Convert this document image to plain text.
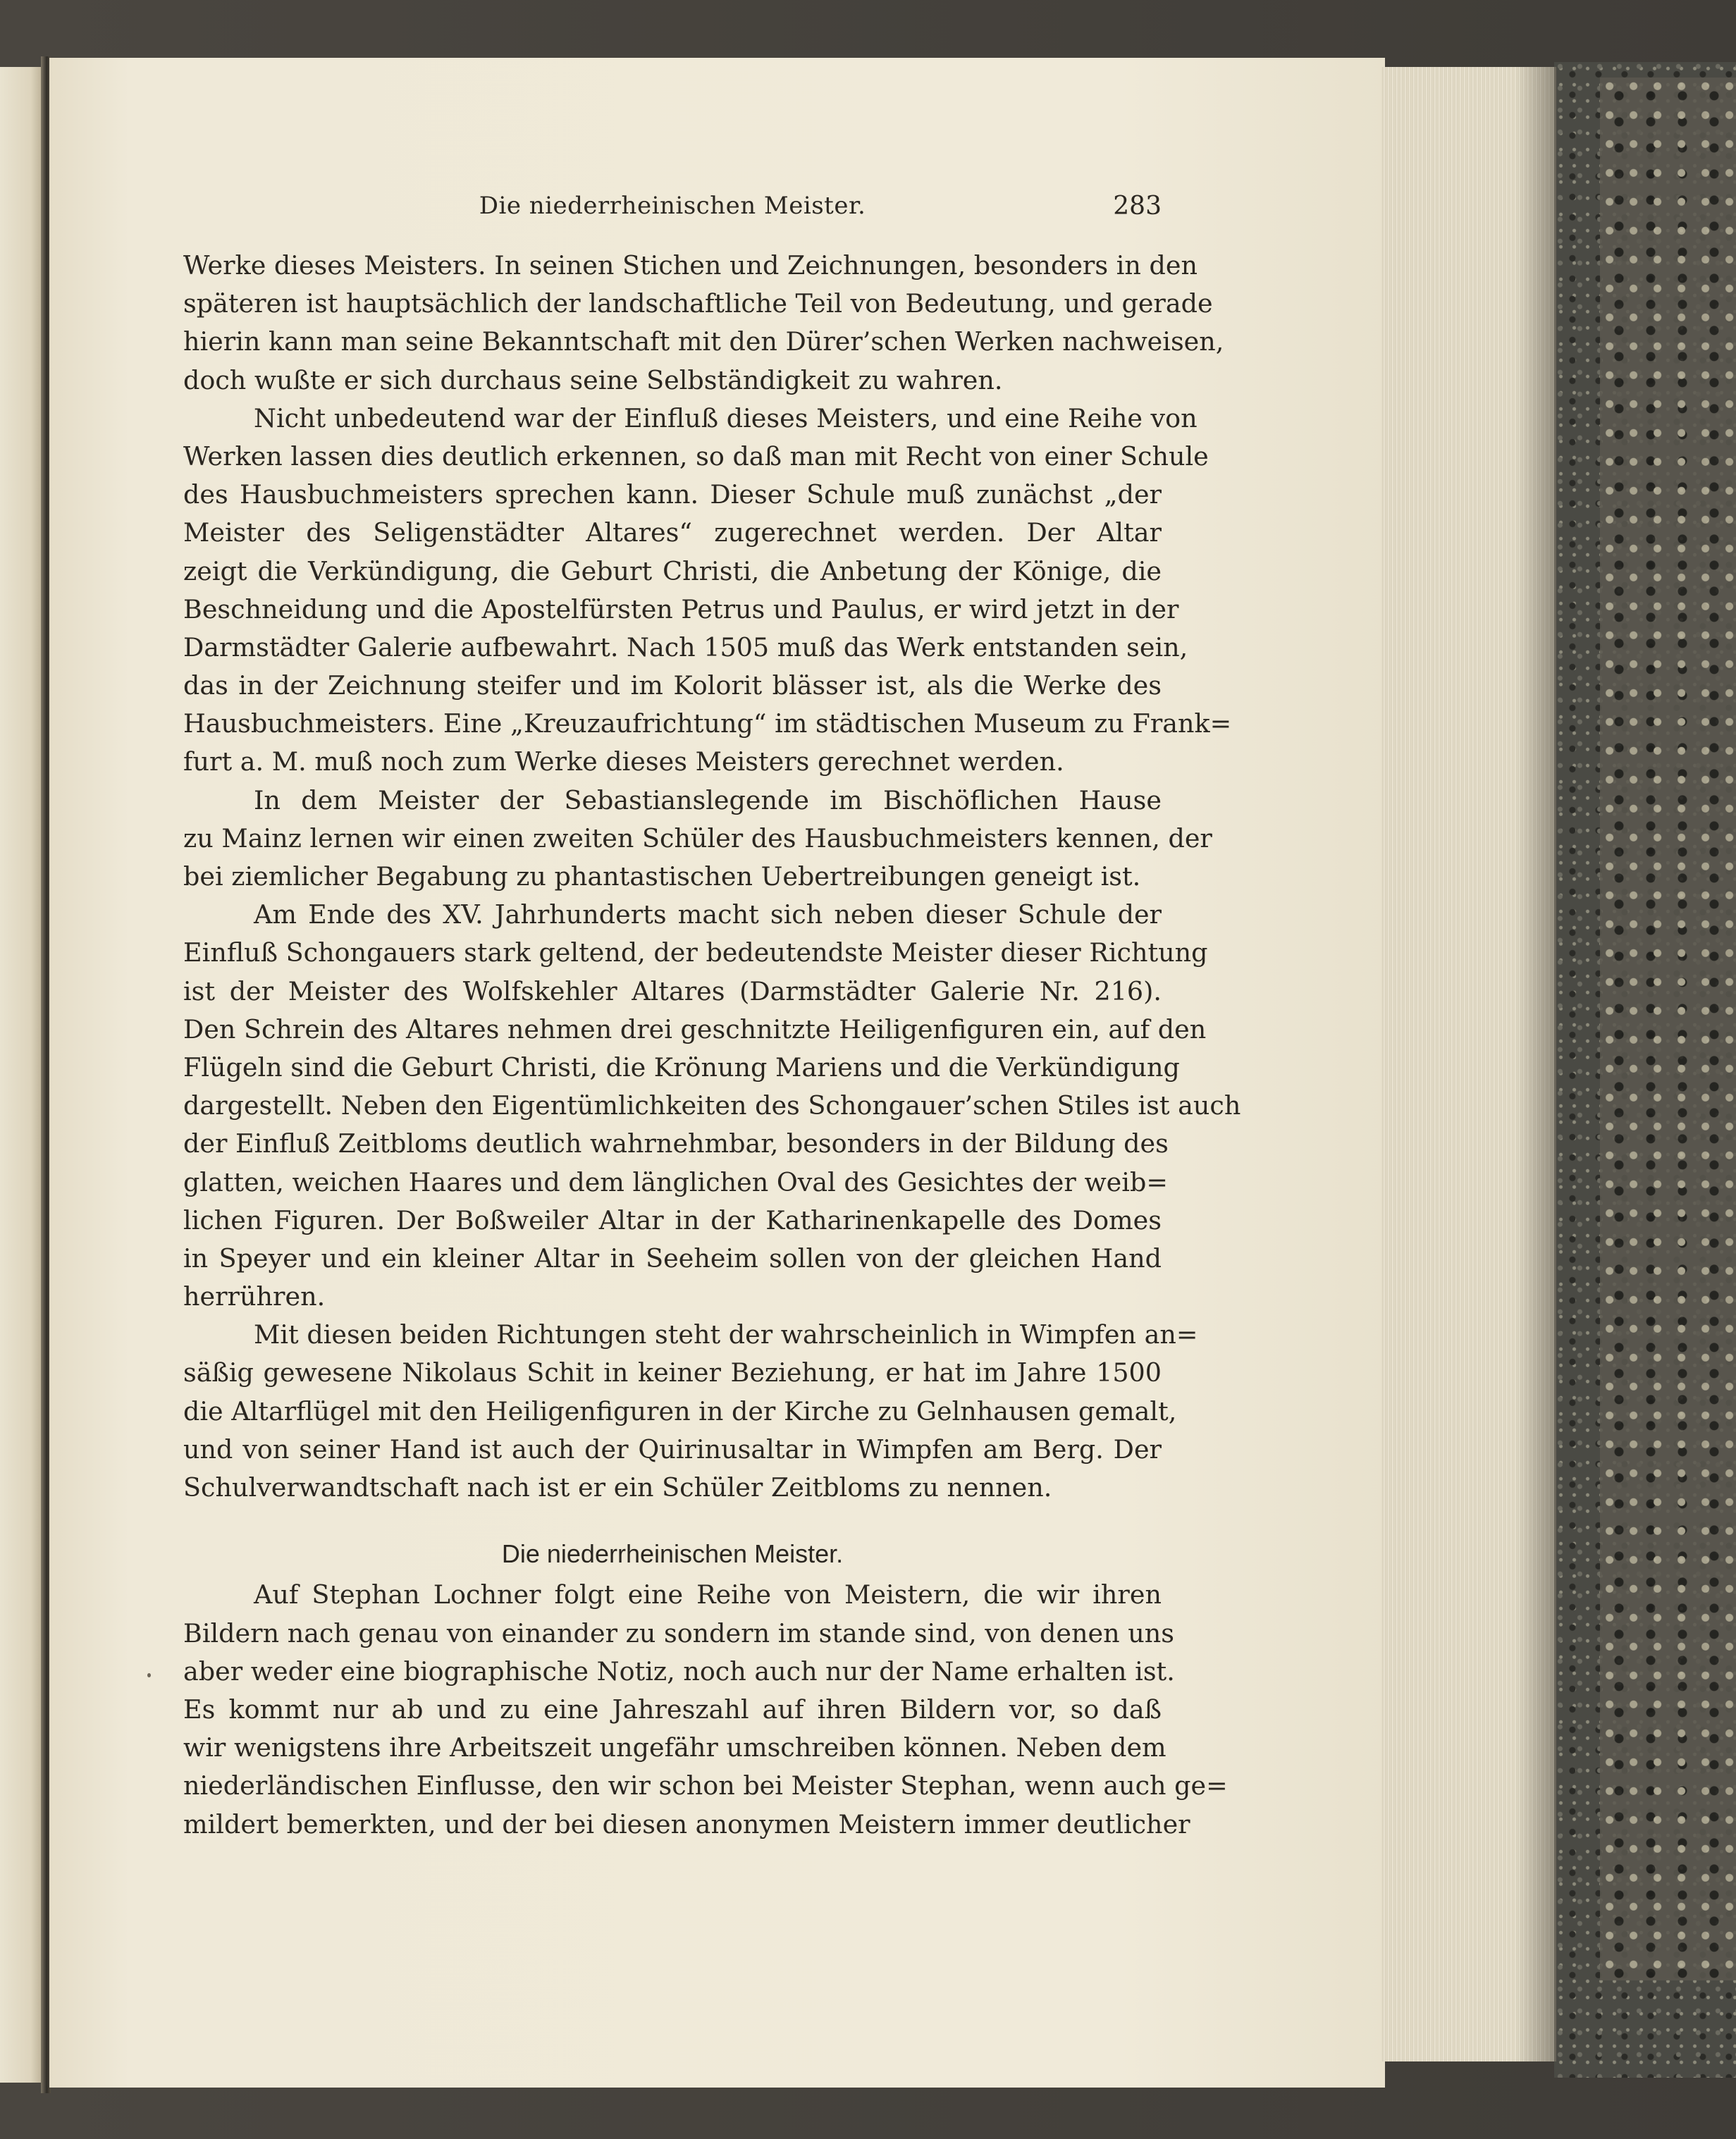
Die niederrheinischen Meister.	283
Werke dieses Meisters. In seinen Stichen und Zeichnungen, besonders in den
späteren ist hauptsächlich der landschaftliche Teil von Bedeutung, und gerade
hierin kann man seine Bekanntschaft mit den Dürer’schen Werken nachweisen,
doch wußte er sich durchaus seine Selbständigkeit zu wahren.
Nicht unbedeutend war der Einfluß dieses Meisters, und eine Reihe von
Werken lassen dies deutlich erkennen, so daß man mit Recht von einer Schule
des Hausbuchmeisters sprechen kann. Dieser Schule muß zunächst „der
Meister des Seligenstädter Altares“ zugerechnet werden. Der Altar
zeigt die Verkündigung, die Geburt Christi, die Anbetung der Könige, die
Beschneidung und die Apostelfürsten Petrus und Paulus, er wird jetzt in der
Darmstädter Galerie aufbewahrt. Nach 1505 muß das Werk entstanden sein,
das in der Zeichnung steifer und im Kolorit blässer ist, als die Werke des
Hausbuchmeisters. Eine „Kreuzaufrichtung“ im städtischen Museum zu Frank=
furt a. M. muß noch zum Werke dieses Meisters gerechnet werden.
In dem Meister der Sebastianslegende im Bischöflichen Hause
zu Mainz lernen wir einen zweiten Schüler des Hausbuchmeisters kennen, der
bei ziemlicher Begabung zu phantastischen Uebertreibungen geneigt ist.
Am Ende des XV. Jahrhunderts macht sich neben dieser Schule der
Einfluß Schongauers stark geltend, der bedeutendste Meister dieser Richtung
ist der Meister des Wolfskehler Altares (Darmstädter Galerie Nr. 216).
Den Schrein des Altares nehmen drei geschnitzte Heiligenfiguren ein, auf den
Flügeln sind die Geburt Christi, die Krönung Mariens und die Verkündigung
dargestellt. Neben den Eigentümlichkeiten des Schongauer’schen Stiles ist auch
der Einfluß Zeitbloms deutlich wahrnehmbar, besonders in der Bildung des
glatten, weichen Haares und dem länglichen Oval des Gesichtes der weib=
lichen Figuren. Der Boßweiler Altar in der Katharinenkapelle des Domes
in Speyer und ein kleiner Altar in Seeheim sollen von der gleichen Hand
herrühren.
Mit diesen beiden Richtungen steht der wahrscheinlich in Wimpfen an=
säßig gewesene Nikolaus Schit in keiner Beziehung, er hat im Jahre 1500
die Altarflügel mit den Heiligenfiguren in der Kirche zu Gelnhausen gemalt,
und von seiner Hand ist auch der Quirinusaltar in Wimpfen am Berg. Der
Schulverwandtschaft nach ist er ein Schüler Zeitbloms zu nennen.
Die niederrheinischen Meister.
Auf Stephan Lochner folgt eine Reihe von Meistern, die wir ihren
Bildern nach genau von einander zu sondern im stande sind, von denen uns
aber weder eine biographische Notiz, noch auch nur der Name erhalten ist.
Es kommt nur ab und zu eine Jahreszahl auf ihren Bildern vor, so daß
wir wenigstens ihre Arbeitszeit ungefähr umschreiben können. Neben dem
niederländischen Einflusse, den wir schon bei Meister Stephan, wenn auch ge=
mildert bemerkten, und der bei diesen anonymen Meistern immer deutlicher
